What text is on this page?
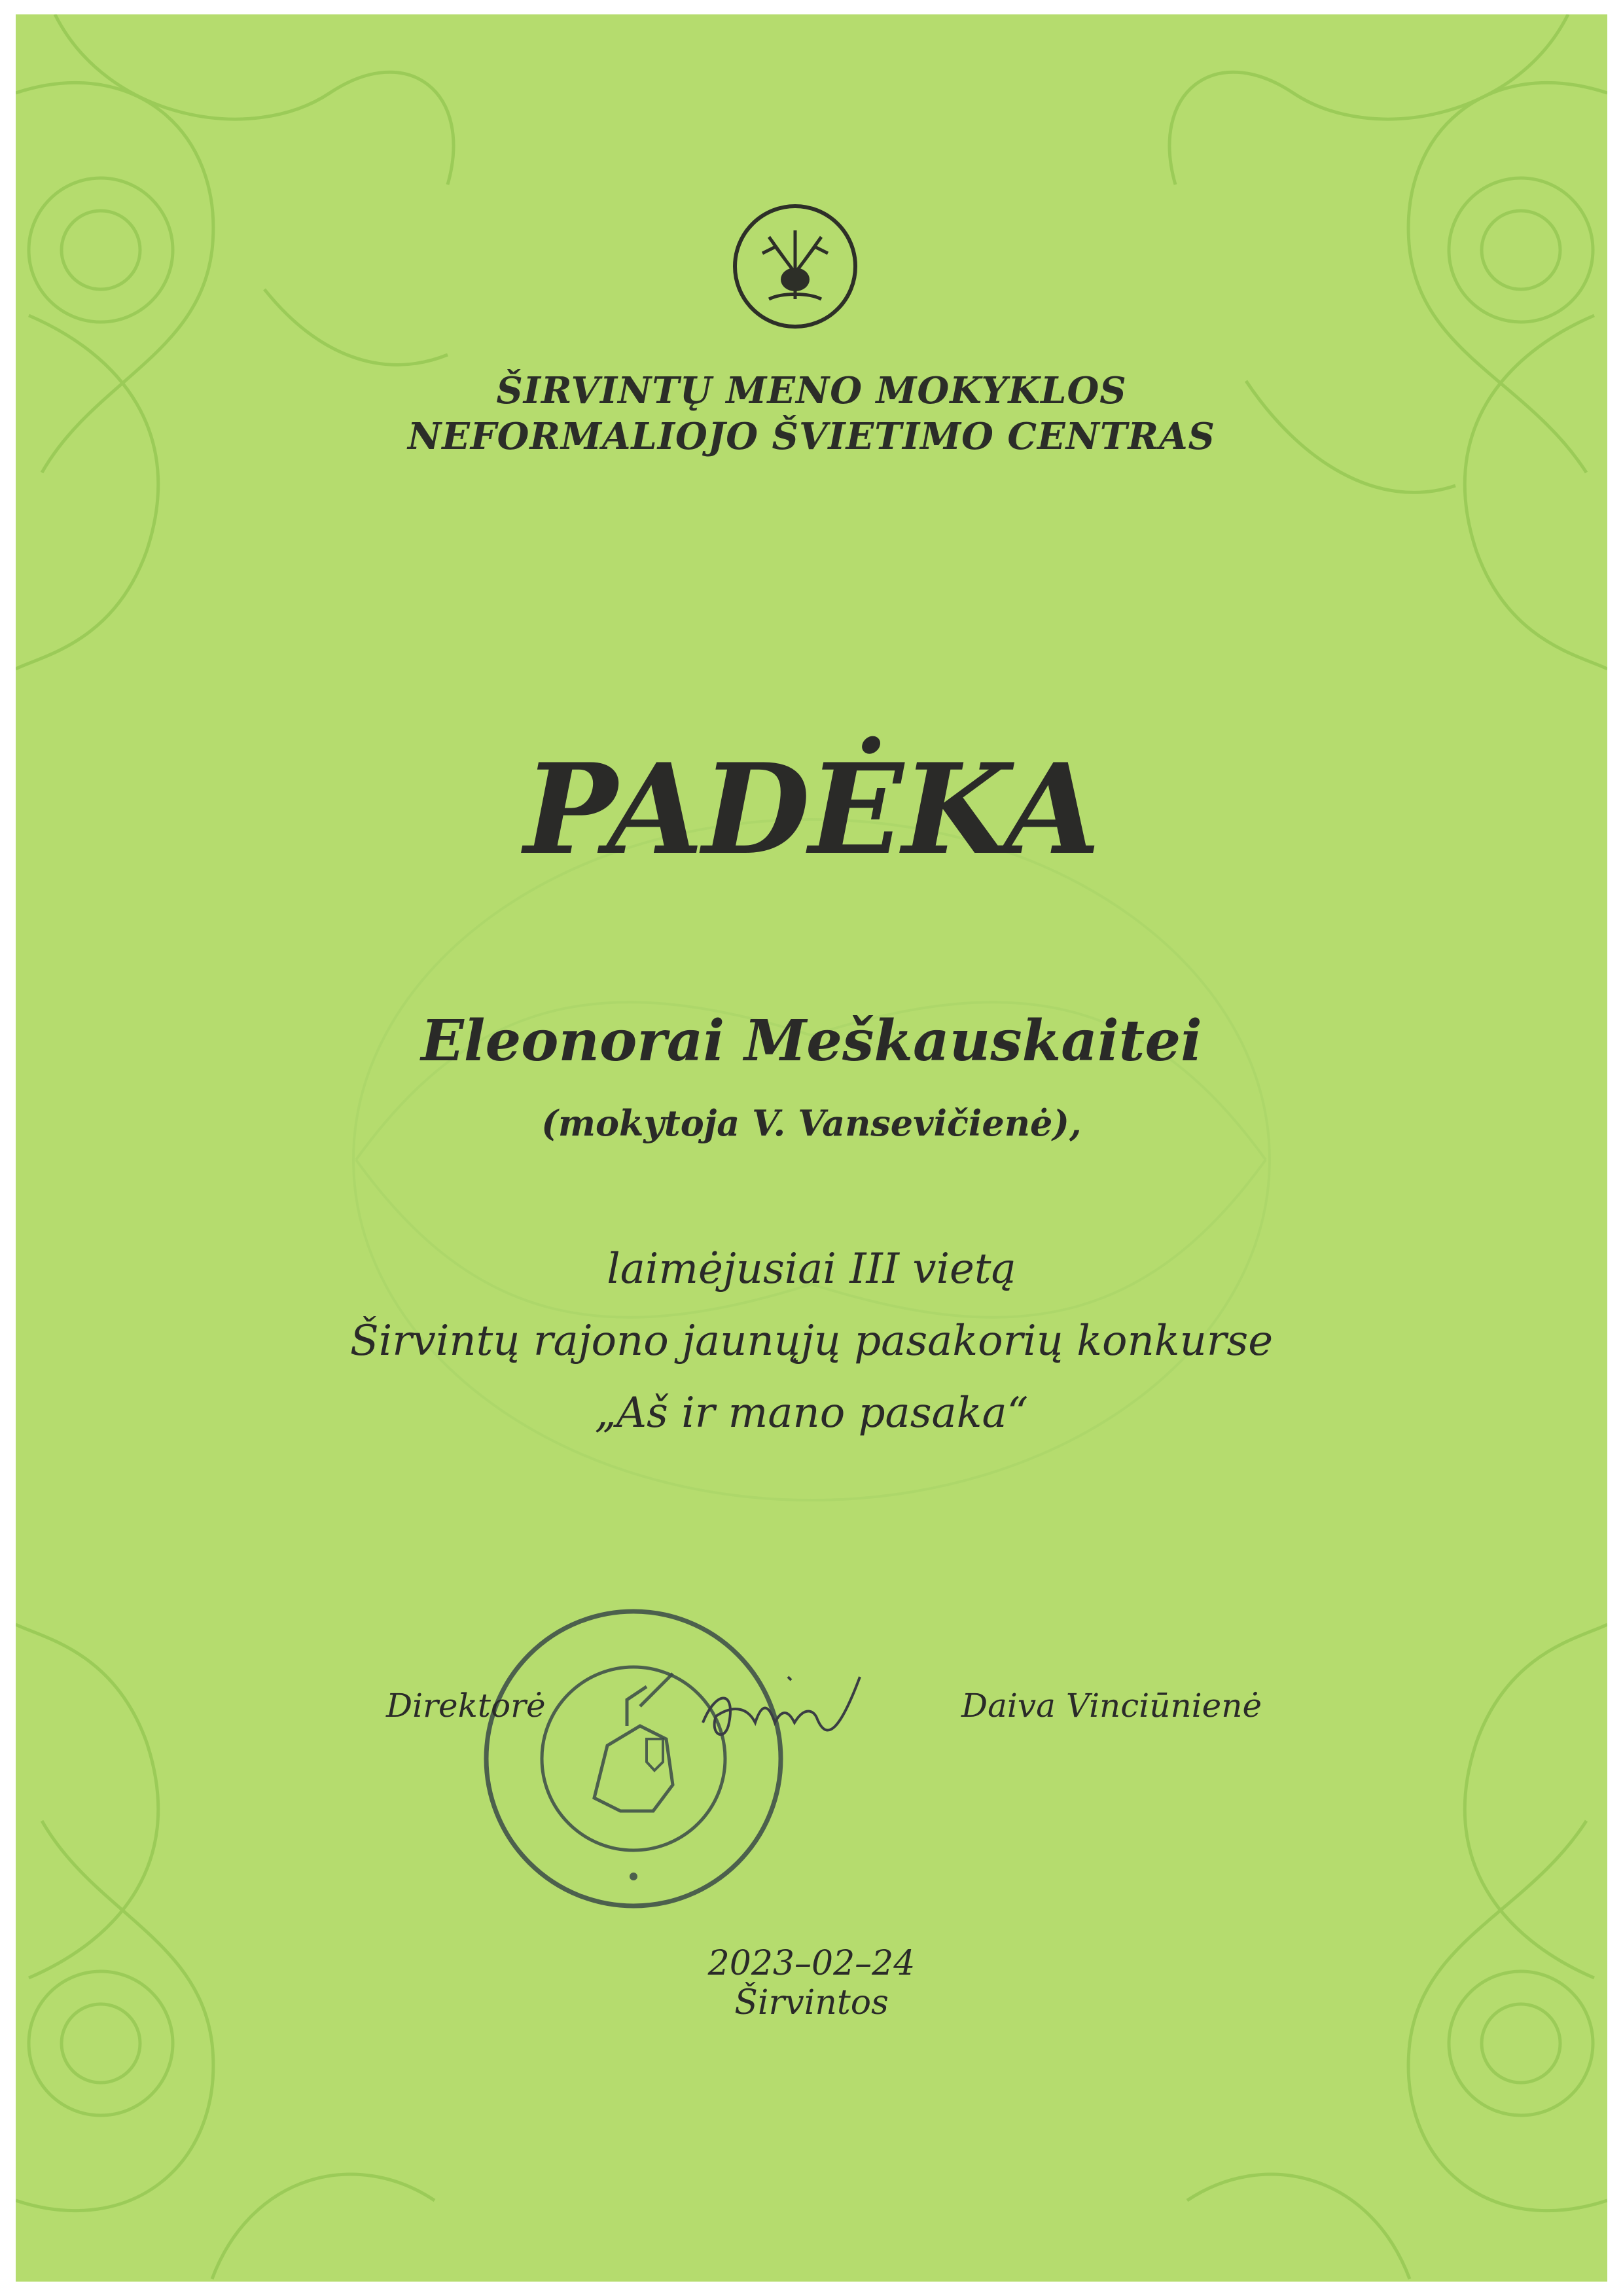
ŠIRVINTŲ MENO MOKYKLOS
NEFORMALIOJO ŠVIETIMO CENTRAS
PADĖKA
Eleonorai Meškauskaitei
(mokytoja V. Vansevičienė),
laimėjusiai III vietą
Širvintų rajono jaunųjų pasakorių konkurse
„Aš ir mano pasaka“
Direktorė	Daiva Vinciūnienė
2023–02–24
Širvintos
